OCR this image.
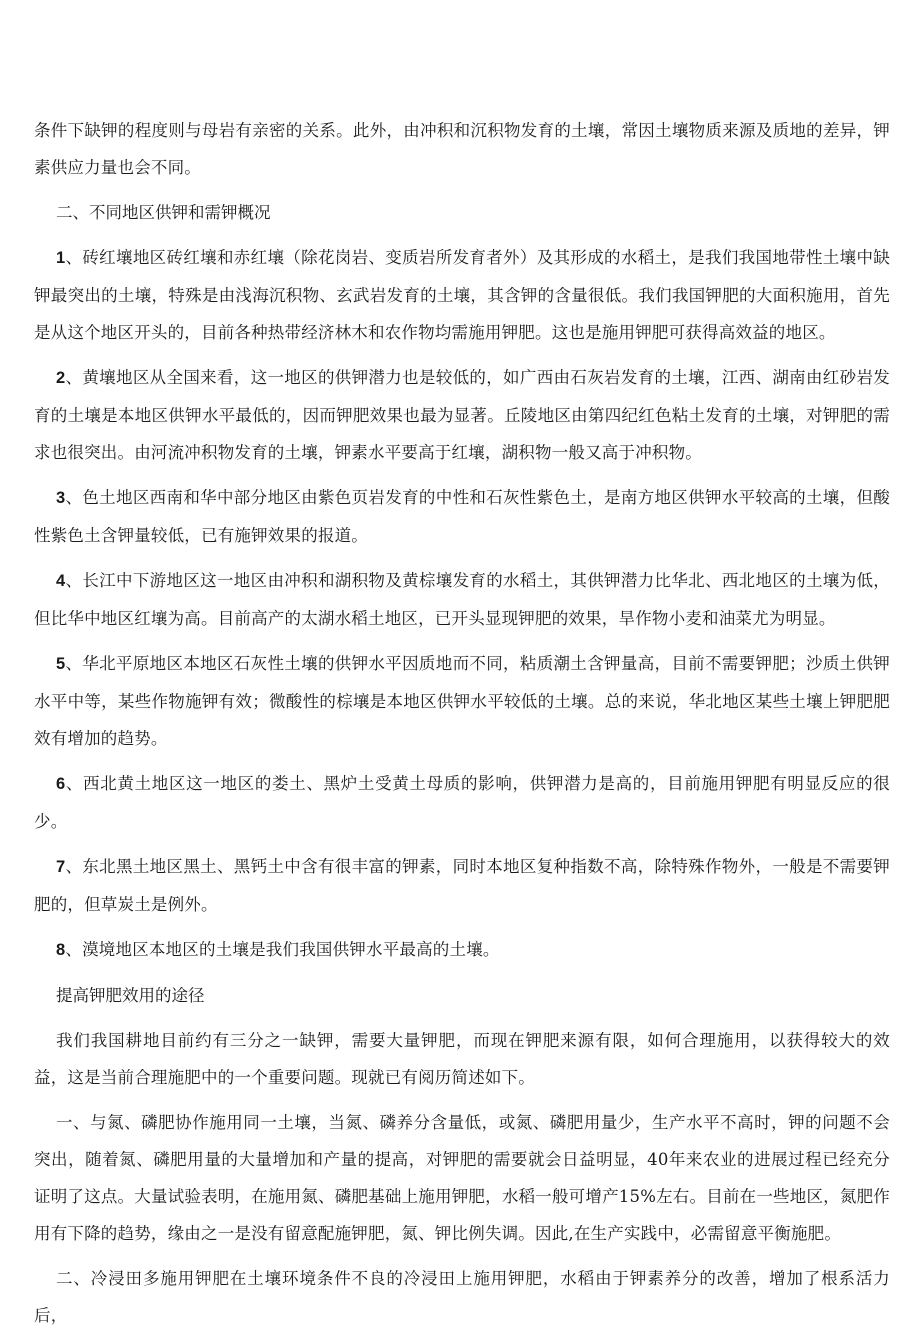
条件下缺钾的程度则与母岩有亲密的关系。此外，由冲积和沉积物发育的土壤，常因土壤物质来源及质地的差异，钾素供应力量也会不同。

二、不同地区供钾和需钾概况

1、砖红壤地区砖红壤和赤红壤（除花岗岩、变质岩所发育者外）及其形成的水稻土，是我们我国地带性土壤中缺钾最突出的土壤，特殊是由浅海沉积物、玄武岩发育的土壤，其含钾的含量很低。我们我国钾肥的大面积施用，首先是从这个地区开头的，目前各种热带经济林木和农作物均需施用钾肥。这也是施用钾肥可获得高效益的地区。

2、黄壤地区从全国来看，这一地区的供钾潜力也是较低的，如广西由石灰岩发育的土壤，江西、湖南由红砂岩发育的土壤是本地区供钾水平最低的，因而钾肥效果也最为显著。丘陵地区由第四纪红色粘土发育的土壤，对钾肥的需求也很突出。由河流冲积物发育的土壤，钾素水平要高于红壤，湖积物一般又高于冲积物。

3、色土地区西南和华中部分地区由紫色页岩发育的中性和石灰性紫色土，是南方地区供钾水平较高的土壤，但酸性紫色土含钾量较低，已有施钾效果的报道。

4、长江中下游地区这一地区由冲积和湖积物及黄棕壤发育的水稻土，其供钾潜力比华北、西北地区的土壤为低，但比华中地区红壤为高。目前高产的太湖水稻土地区，已开头显现钾肥的效果，旱作物小麦和油菜尤为明显。

5、华北平原地区本地区石灰性土壤的供钾水平因质地而不同，粘质潮土含钾量高，目前不需要钾肥；沙质土供钾水平中等，某些作物施钾有效；微酸性的棕壤是本地区供钾水平较低的土壤。总的来说，华北地区某些土壤上钾肥肥效有增加的趋势。

6、西北黄土地区这一地区的娄土、黑炉土受黄土母质的影响，供钾潜力是高的，目前施用钾肥有明显反应的很少。

7、东北黑土地区黑土、黑钙土中含有很丰富的钾素，同时本地区复种指数不高，除特殊作物外，一般是不需要钾肥的，但草炭土是例外。

8、漠境地区本地区的土壤是我们我国供钾水平最高的土壤。

提高钾肥效用的途径

我们我国耕地目前约有三分之一缺钾，需要大量钾肥，而现在钾肥来源有限，如何合理施用，以获得较大的效益，这是当前合理施肥中的一个重要问题。现就已有阅历简述如下。

一、与氮、磷肥协作施用同一土壤，当氮、磷养分含量低，或氮、磷肥用量少，生产水平不高时，钾的问题不会突出，随着氮、磷肥用量的大量增加和产量的提高，对钾肥的需要就会日益明显，40年来农业的进展过程已经充分证明了这点。大量试验表明，在施用氮、磷肥基础上施用钾肥，水稻一般可增产15%左右。目前在一些地区，氮肥作用有下降的趋势，缘由之一是没有留意配施钾肥，氮、钾比例失调。因此,在生产实践中，必需留意平衡施肥。

二、冷浸田多施用钾肥在土壤环境条件不良的冷浸田上施用钾肥，水稻由于钾素养分的改善，增加了根系活力后，
